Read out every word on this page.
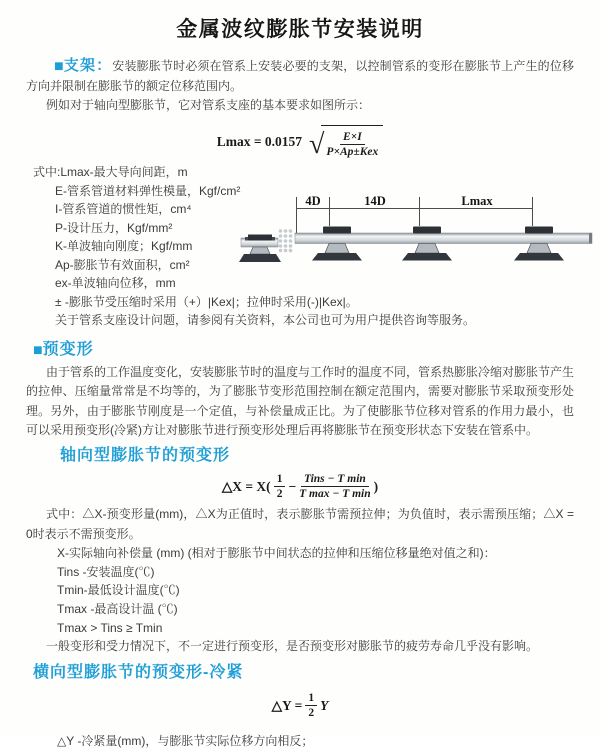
金属波纹膨胀节安装说明

■支架：安装膨胀节时必须在管系上安装必要的支架，以控制管系的变形在膨胀节上产生的位移方向并限制在膨胀节的额定位移范围内。

例如对于轴向型膨胀节，它对管系支座的基本要求如图所示：

Lmax = 0.0157 √ $\frac{E\times I}{\text{P×Ap±Kex}}$
式中:Lmax-最大导向间距，m
E-管系管道材料弹性模量，Kgf/cm²
I-管系管道的惯性矩，cm⁴
P-设计压力，Kgf/mm²
K-单波轴向刚度；Kgf/mm
Ap-膨胀节有效面积，cm²
ex-单波轴向位移，mm
± -膨胀节受压缩时采用（+）|Kex|；拉伸时采用(-)|Kex|。
关于管系支座设计问题，请参阅有关资料，本公司也可为用户提供咨询等服务。
4D	14D	Lmax
■预变形

由于管系的工作温度变化，安装膨胀节时的温度与工作时的温度不同，管系热膨胀冷缩对膨胀节产生的拉伸、压缩量常常是不均等的，为了膨胀节变形范围控制在额定范围内，需要对膨胀节采取预变形处理。另外，由于膨胀节刚度是一个定值，与补偿量成正比。为了使膨胀节位移对管系的作用力最小，也可以采用预变形(冷紧)方让对膨胀节进行预变形处理后再将膨胀节在预变形状态下安装在管系中。

轴向型膨胀节的预变形
△X = $X( \frac{1}{2} - \frac{\text{Tins − T min}}{\text{T max − T min}}$ )

式中：△X-预变形量(mm)，△X为正值时，表示膨胀节需预拉伸；为负值时，表示需预压缩；△X = 0时表示不需预变形。

X-实际轴向补偿量 (mm) (相对于膨胀节中间状态的拉伸和压缩位移量绝对值之和)：
Tins -安装温度(℃)
Tmin-最低设计温度(℃)
Tmax -最高设计温 (℃)
Tmax > Tins ≥ Tmin
一般变形和受力情况下，不一定进行预变形，是否预变形对膨胀节的疲劳寿命几乎没有影响。
横向型膨胀节的预变形-冷紧
△Y = $\frac{1}{2}$ Y
△Y -冷紧量(mm)，与膨胀节实际位移方向相反；
